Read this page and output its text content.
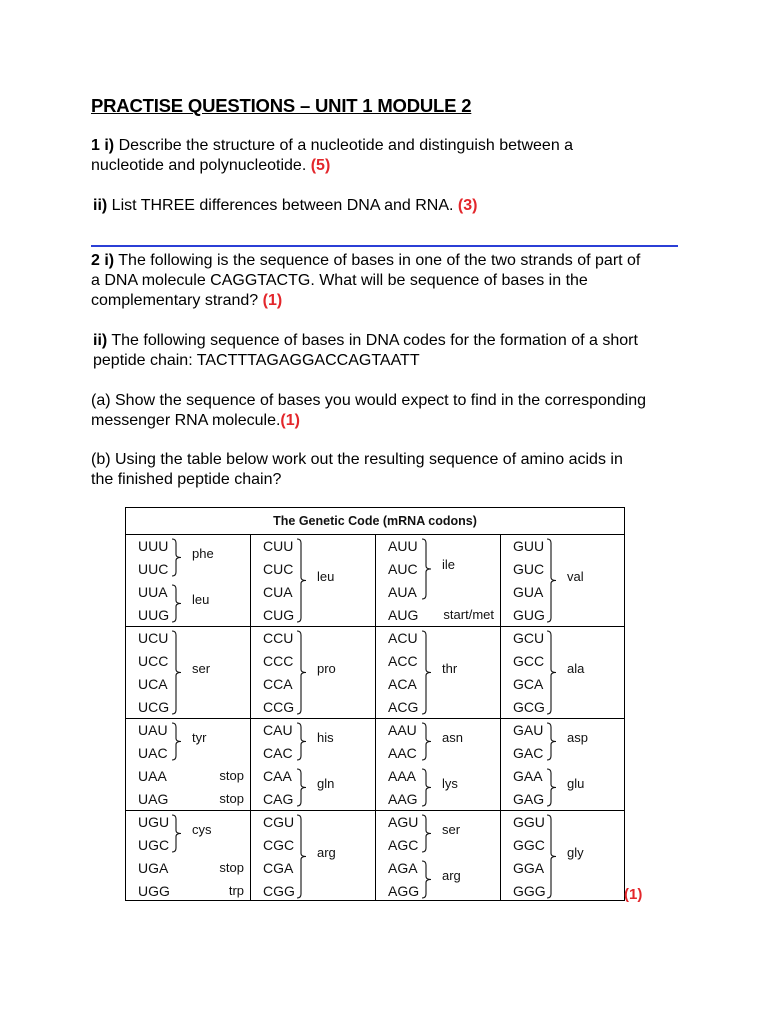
PRACTISE QUESTIONS – UNIT 1 MODULE 2
1 i) Describe the structure of a nucleotide and distinguish between a
nucleotide and polynucleotide. (5)
ii) List THREE differences between DNA and RNA. (3)
2 i) The following is the sequence of bases in one of the two strands of part of
a DNA molecule CAGGTACTG. What will be sequence of bases in the
complementary strand? (1)
ii) The following sequence of bases in DNA codes for the formation of a short
peptide chain: TACTTTAGAGGACCAGTAATT
(a) Show the sequence of bases you would expect to find in the corresponding
messenger RNA molecule.(1)
(b) Using the table below work out the resulting sequence of amino acids in
the finished peptide chain?
The Genetic Code (mRNA codons)
UUU
UUC
UUA
UUG
phe
leu
CUU
CUC
CUA
CUG
leu
AUU
AUC
AUA
AUG
ile
start/met
GUU
GUC
GUA
GUG
val
UCU
UCC
UCA
UCG
ser
CCU
CCC
CCA
CCG
pro
ACU
ACC
ACA
ACG
thr
GCU
GCC
GCA
GCG
ala
UAU
UAC
UAA
UAG
tyr
stop
stop
CAU
CAC
CAA
CAG
his
gln
AAU
AAC
AAA
AAG
asn
lys
GAU
GAC
GAA
GAG
asp
glu
UGU
UGC
UGA
UGG
cys
stop
trp
CGU
CGC
CGA
CGG
arg
AGU
AGC
AGA
AGG
ser
arg
GGU
GGC
GGA
GGG
gly
(1)
